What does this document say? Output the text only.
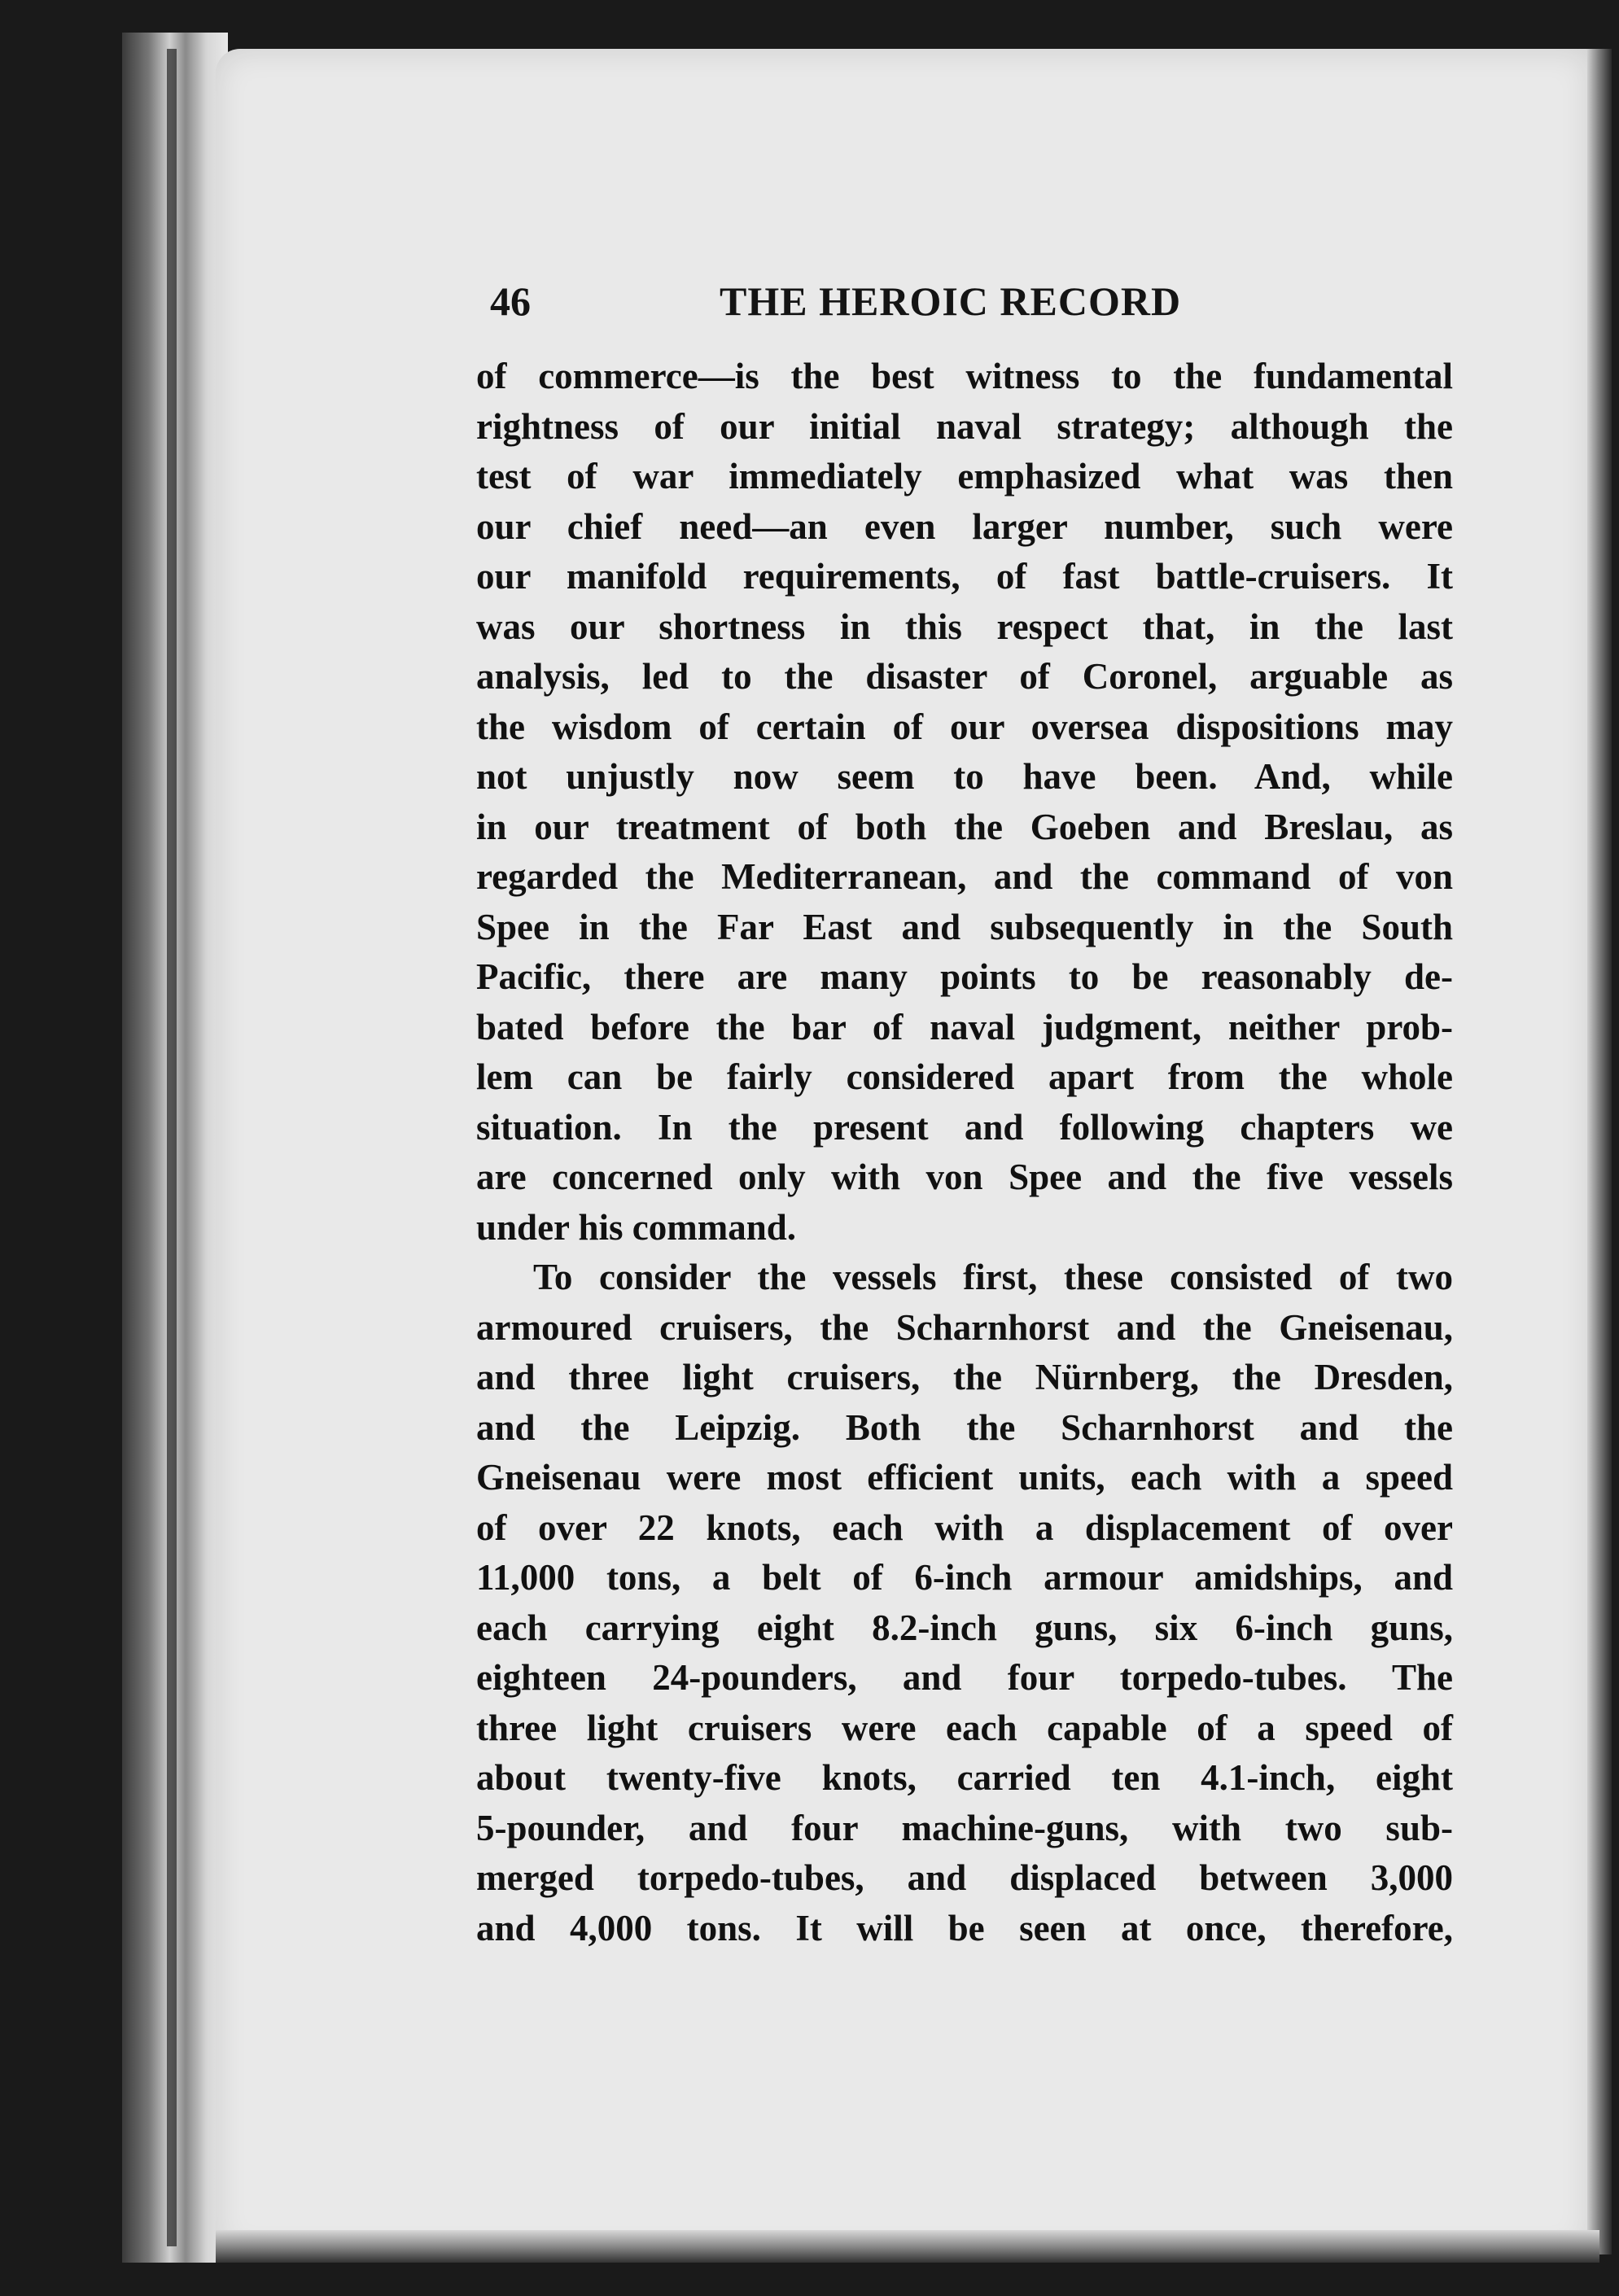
46	THE HEROIC RECORD
of commerce—is the best witness to the fundamental
rightness of our initial naval strategy; although the
test of war immediately emphasized what was then
our chief need—an even larger number, such were
our manifold requirements, of fast battle-cruisers. It
was our shortness in this respect that, in the last
analysis, led to the disaster of Coronel, arguable as
the wisdom of certain of our oversea dispositions may
not unjustly now seem to have been. And, while
in our treatment of both the Goeben and Breslau, as
regarded the Mediterranean, and the command of von
Spee in the Far East and subsequently in the South
Pacific, there are many points to be reasonably de-
bated before the bar of naval judgment, neither prob-
lem can be fairly considered apart from the whole
situation. In the present and following chapters we
are concerned only with von Spee and the five vessels
under his command.
To consider the vessels first, these consisted of two
armoured cruisers, the Scharnhorst and the Gneisenau,
and three light cruisers, the Nürnberg, the Dresden,
and the Leipzig. Both the Scharnhorst and the
Gneisenau were most efficient units, each with a speed
of over 22 knots, each with a displacement of over
11,000 tons, a belt of 6-inch armour amidships, and
each carrying eight 8.2-inch guns, six 6-inch guns,
eighteen 24-pounders, and four torpedo-tubes. The
three light cruisers were each capable of a speed of
about twenty-five knots, carried ten 4.1-inch, eight
5-pounder, and four machine-guns, with two sub-
merged torpedo-tubes, and displaced between 3,000
and 4,000 tons. It will be seen at once, therefore,
